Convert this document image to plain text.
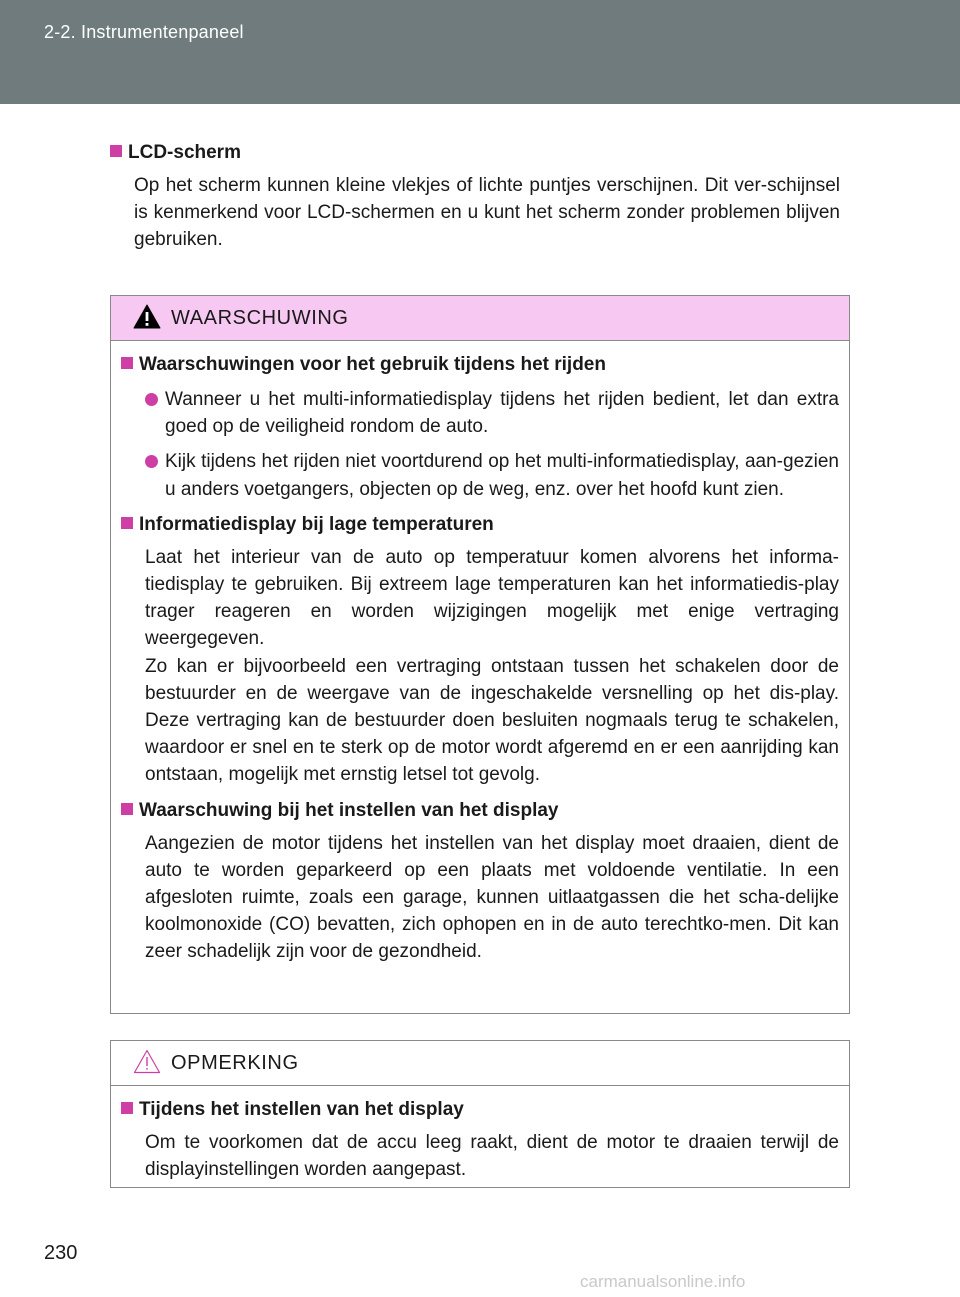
2-2. Instrumentenpaneel
LCD-scherm
Op het scherm kunnen kleine vlekjes of lichte puntjes verschijnen. Dit ver-schijnsel is kenmerkend voor LCD-schermen en u kunt het scherm zonder problemen blijven gebruiken.
WAARSCHUWING
Waarschuwingen voor het gebruik tijdens het rijden
Wanneer u het multi-informatiedisplay tijdens het rijden bedient, let dan extra goed op de veiligheid rondom de auto.
Kijk tijdens het rijden niet voortdurend op het multi-informatiedisplay, aan-gezien u anders voetgangers, objecten op de weg, enz. over het hoofd kunt zien.
Informatiedisplay bij lage temperaturen
Laat het interieur van de auto op temperatuur komen alvorens het informa-tiedisplay te gebruiken. Bij extreem lage temperaturen kan het informatiedis-play trager reageren en worden wijzigingen mogelijk met enige vertraging weergegeven.
Zo kan er bijvoorbeeld een vertraging ontstaan tussen het schakelen door de bestuurder en de weergave van de ingeschakelde versnelling op het dis-play. Deze vertraging kan de bestuurder doen besluiten nogmaals terug te schakelen, waardoor er snel en te sterk op de motor wordt afgeremd en er een aanrijding kan ontstaan, mogelijk met ernstig letsel tot gevolg.
Waarschuwing bij het instellen van het display
Aangezien de motor tijdens het instellen van het display moet draaien, dient de auto te worden geparkeerd op een plaats met voldoende ventilatie. In een afgesloten ruimte, zoals een garage, kunnen uitlaatgassen die het scha-delijke koolmonoxide (CO) bevatten, zich ophopen en in de auto terechtko-men. Dit kan zeer schadelijk zijn voor de gezondheid.
OPMERKING
Tijdens het instellen van het display
Om te voorkomen dat de accu leeg raakt, dient de motor te draaien terwijl de displayinstellingen worden aangepast.
230
carmanualsonline.info
